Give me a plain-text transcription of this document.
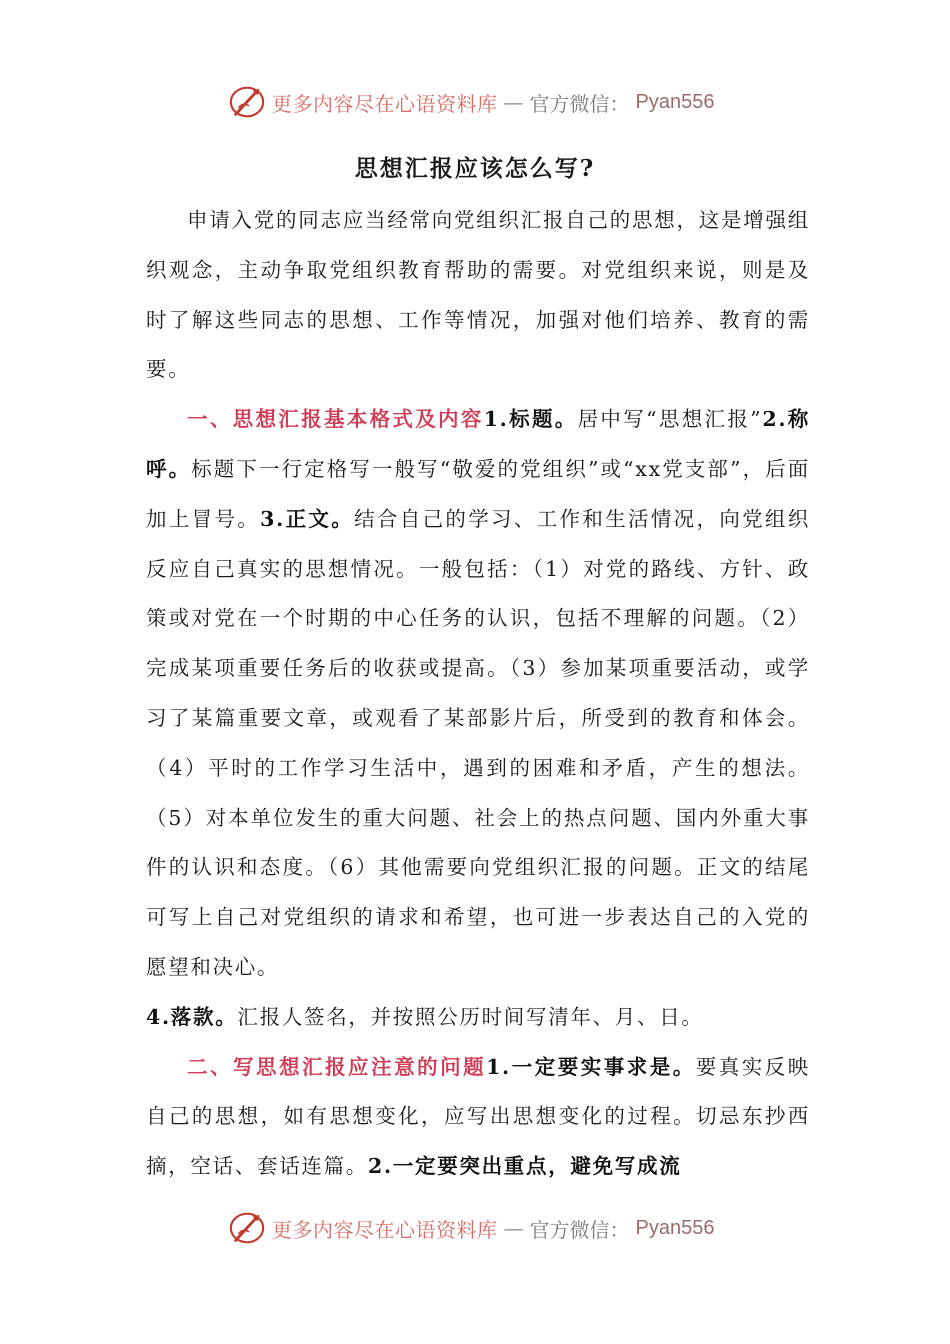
更多内容尽在心语资料库 — 官方微信： Pyan556
思想汇报应该怎么写?

申请入党的同志应当经常向党组织汇报自己的思想，这是增强组织观念，主动争取党组织教育帮助的需要。对党组织来说，则是及时了解这些同志的思想、工作等情况，加强对他们培养、教育的需要。

一、思想汇报基本格式及内容1.标题。居中写“思想汇报”2.称呼。标题下一行定格写一般写“敬爱的党组织”或“xx党支部”，后面加上冒号。3.正文。结合自己的学习、工作和生活情况，向党组织反应自己真实的思想情况。一般包括：（1）对党的路线、方针、政策或对党在一个时期的中心任务的认识，包括不理解的问题。（2）完成某项重要任务后的收获或提高。（3）参加某项重要活动，或学习了某篇重要文章，或观看了某部影片后，所受到的教育和体会。（4）平时的工作学习生活中，遇到的困难和矛盾，产生的想法。（5）对本单位发生的重大问题、社会上的热点问题、国内外重大事件的认识和态度。（6）其他需要向党组织汇报的问题。正文的结尾可写上自己对党组织的请求和希望，也可进一步表达自己的入党的愿望和决心。

4.落款。汇报人签名，并按照公历时间写清年、月、日。

二、写思想汇报应注意的问题1.一定要实事求是。要真实反映自己的思想，如有思想变化，应写出思想变化的过程。切忌东抄西摘，空话、套话连篇。2.一定要突出重点，避免写成流

更多内容尽在心语资料库 — 官方微信： Pyan556
